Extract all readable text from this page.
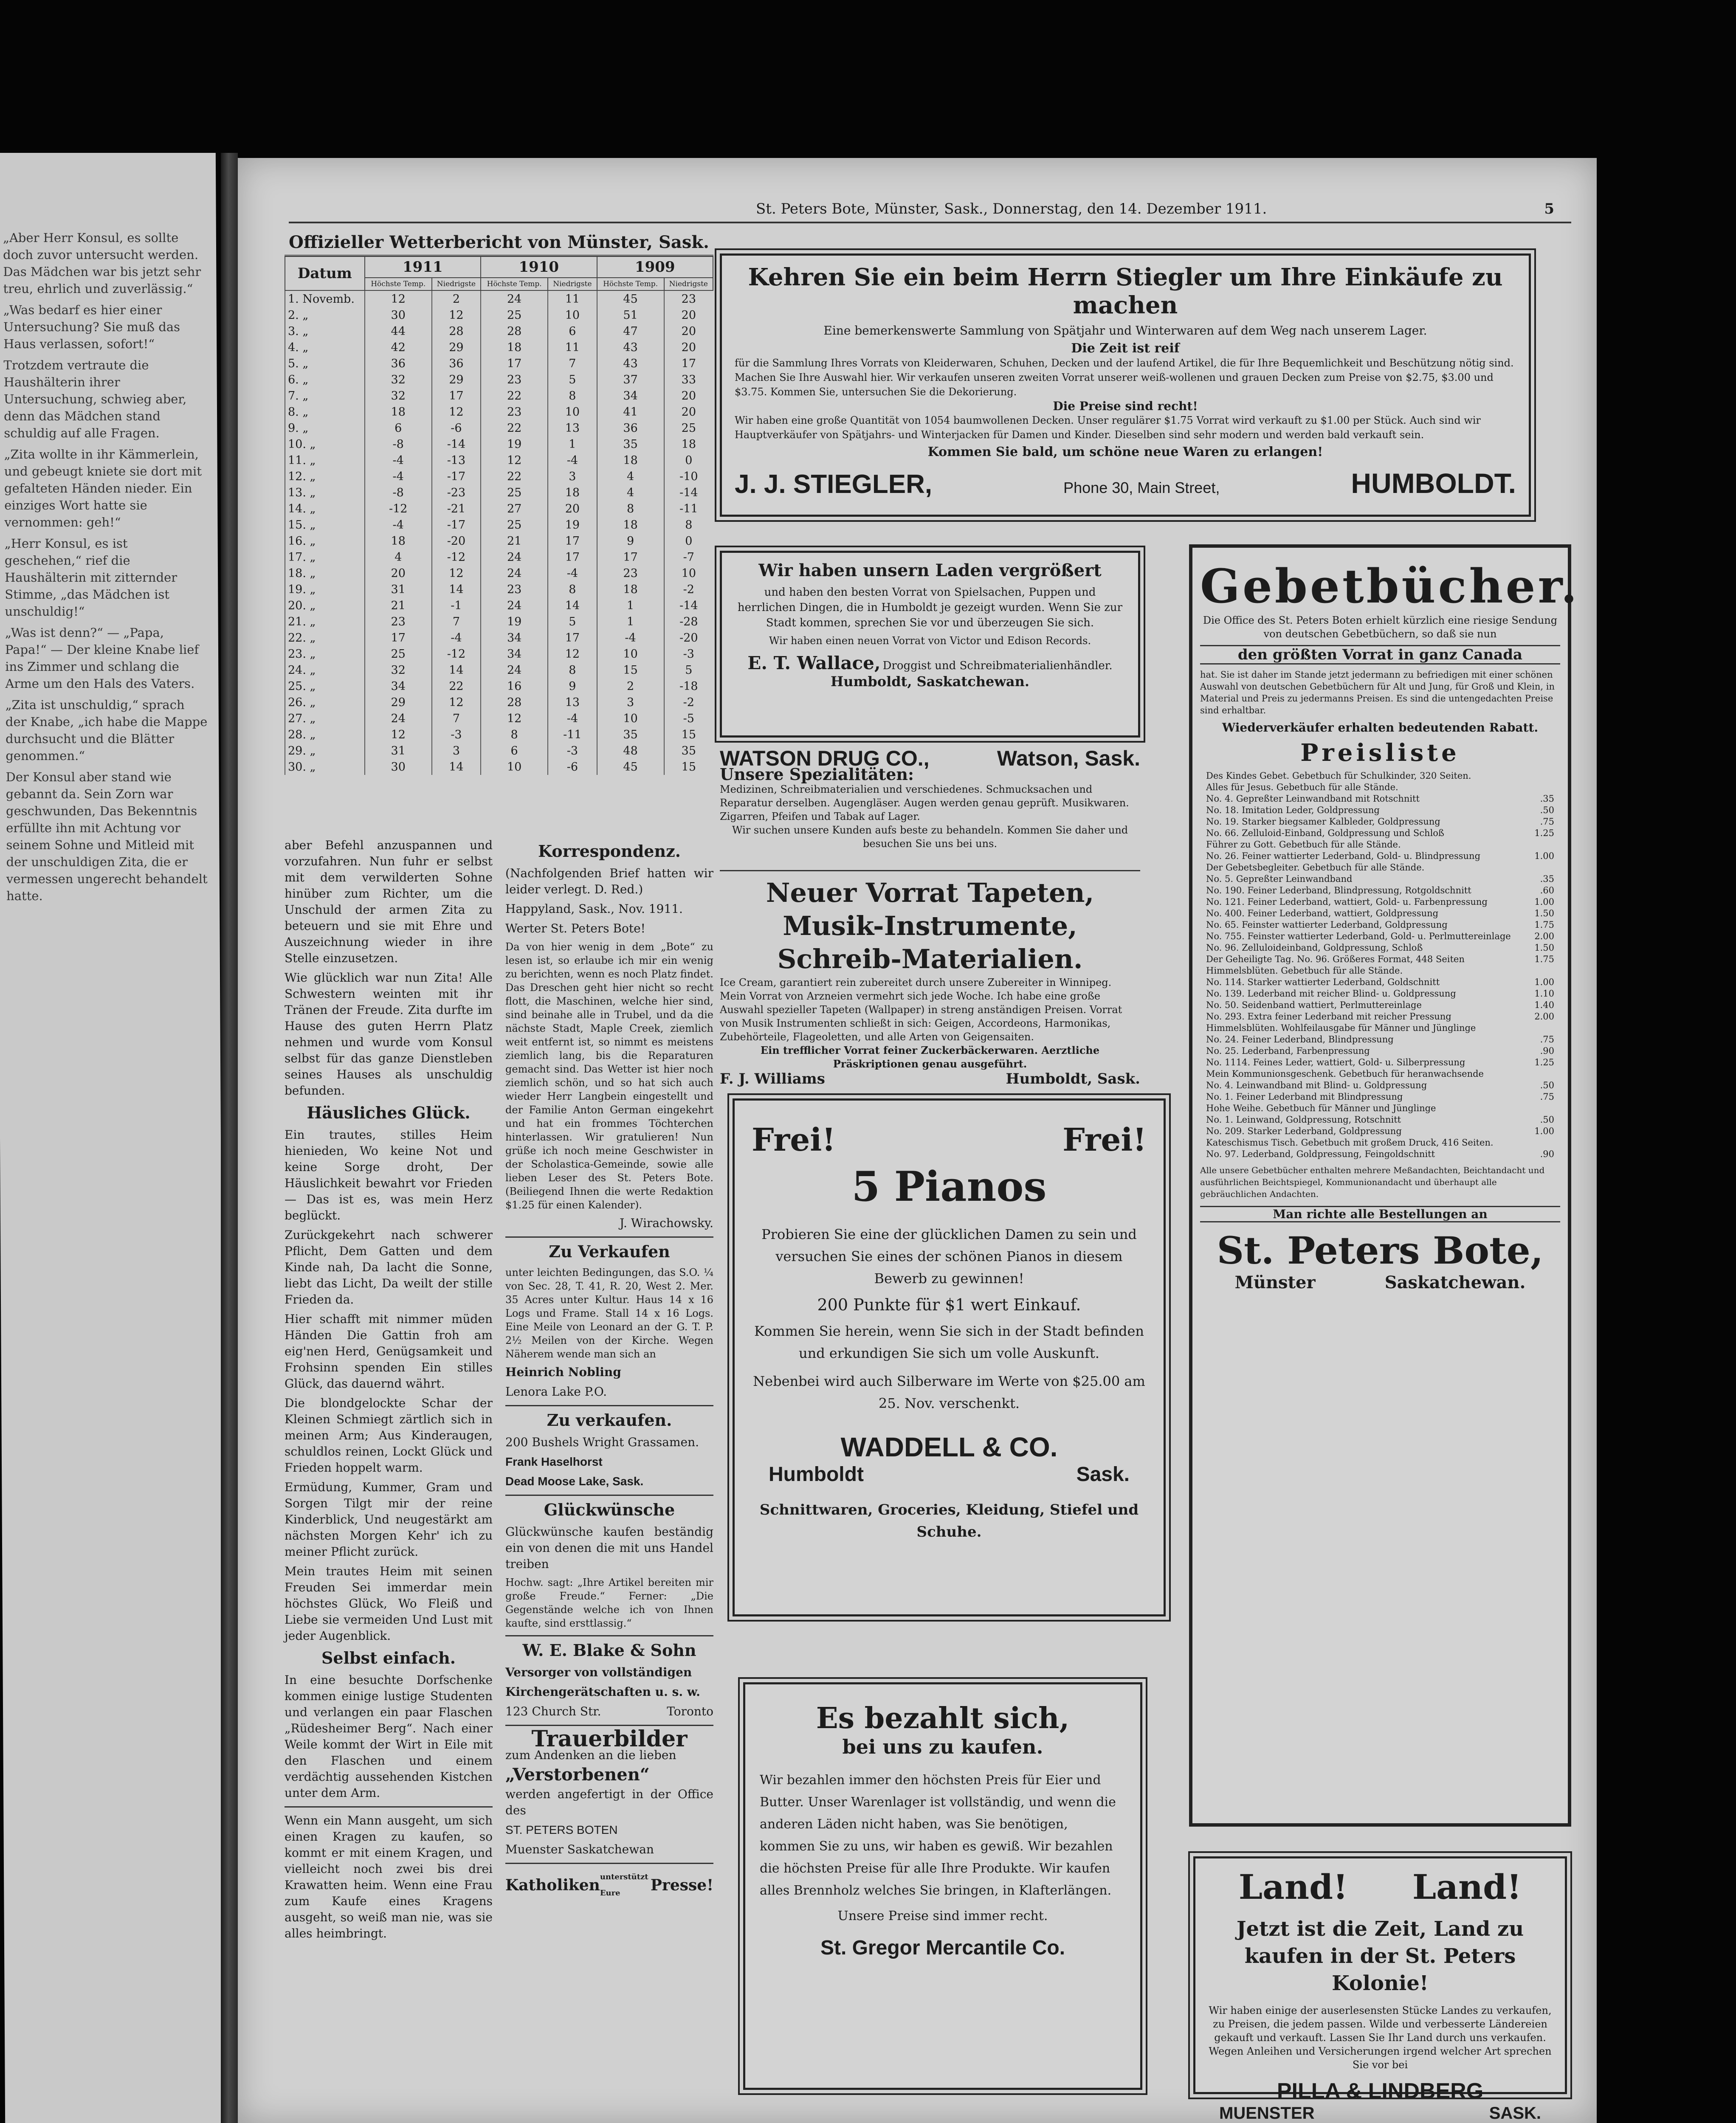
„Aber Herr Konsul, es sollte doch zuvor untersucht werden. Das Mädchen war bis jetzt sehr treu, ehrlich und zuverlässig.“

„Was bedarf es hier einer Untersuchung? Sie muß das Haus verlassen, sofort!“

Trotzdem vertraute die Haushälterin ihrer Untersuchung, schwieg aber, denn das Mädchen stand schuldig auf alle Fragen.

„Zita wollte in ihr Kämmerlein, und gebeugt kniete sie dort mit gefalteten Händen nieder. Ein einziges Wort hatte sie vernommen: geh!“

„Herr Konsul, es ist geschehen,“ rief die Haushälterin mit zitternder Stimme, „das Mädchen ist unschuldig!“

„Was ist denn?“ — „Papa, Papa!“ — Der kleine Knabe lief ins Zimmer und schlang die Arme um den Hals des Vaters.

„Zita ist unschuldig,“ sprach der Knabe, „ich habe die Mappe durchsucht und die Blätter genommen.“

Der Konsul aber stand wie gebannt da. Sein Zorn war geschwunden, Das Bekenntnis erfüllte ihn mit Achtung vor seinem Sohne und Mitleid mit der unschuldigen Zita, die er vermessen ungerecht behandelt hatte.

St. Peters Bote, Münster, Sask., Donnerstag, den 14. Dezember 1911.	5
Offizieller Wetterbericht von Münster, Sask.
Datum	1911		1910		1909	
	Höchste Temp.	Niedrigste	Höchste Temp.	Niedrigste	Höchste Temp.	Niedrigste
1. Novemb.	12	2	24	11	45	23
2. „	30	12	25	10	51	20
3. „	44	28	28	6	47	20
4. „	42	29	18	11	43	20
5. „	36	36	17	7	43	17
6. „	32	29	23	5	37	33
7. „	32	17	22	8	34	20
8. „	18	12	23	10	41	20
9. „	6	-6	22	13	36	25
10. „	-8	-14	19	1	35	18
11. „	-4	-13	12	-4	18	0
12. „	-4	-17	22	3	4	-10
13. „	-8	-23	25	18	4	-14
14. „	-12	-21	27	20	8	-11
15. „	-4	-17	25	19	18	8
16. „	18	-20	21	17	9	0
17. „	4	-12	24	17	17	-7
18. „	20	12	24	-4	23	10
19. „	31	14	23	8	18	-2
20. „	21	-1	24	14	1	-14
21. „	23	7	19	5	1	-28
22. „	17	-4	34	17	-4	-20
23. „	25	-12	34	12	10	-3
24. „	32	14	24	8	15	5
25. „	34	22	16	9	2	-18
26. „	29	12	28	13	3	-2
27. „	24	7	12	-4	10	-5
28. „	12	-3	8	-11	35	15
29. „	31	3	6	-3	48	35
30. „	30	14	10	-6	45	15

aber Befehl anzuspannen und vorzufahren. Nun fuhr er selbst mit dem verwilderten Sohne hinüber zum Richter, um die Unschuld der armen Zita zu beteuern und sie mit Ehre und Auszeichnung wieder in ihre Stelle einzusetzen.

Wie glücklich war nun Zita! Alle Schwestern weinten mit ihr Tränen der Freude. Zita durfte im Hause des guten Herrn Platz nehmen und wurde vom Konsul selbst für das ganze Dienstleben seines Hauses als unschuldig befunden.

Häusliches Glück.

Ein trautes, stilles Heim hienieden, Wo keine Not und keine Sorge droht, Der Häuslichkeit bewahrt vor Frieden — Das ist es, was mein Herz beglückt.

Zurückgekehrt nach schwerer Pflicht, Dem Gatten und dem Kinde nah, Da lacht die Sonne, liebt das Licht, Da weilt der stille Frieden da.

Hier schafft mit nimmer müden Händen Die Gattin froh am eig'nen Herd, Genügsamkeit und Frohsinn spenden Ein stilles Glück, das dauernd währt.

Die blondgelockte Schar der Kleinen Schmiegt zärtlich sich in meinen Arm; Aus Kinderaugen, schuldlos reinen, Lockt Glück und Frieden hoppelt warm.

Ermüdung, Kummer, Gram und Sorgen Tilgt mir der reine Kinderblick, Und neugestärkt am nächsten Morgen Kehr' ich zu meiner Pflicht zurück.

Mein trautes Heim mit seinen Freuden Sei immerdar mein höchstes Glück, Wo Fleiß und Liebe sie vermeiden Und Lust mit jeder Augenblick.

Selbst einfach.

In eine besuchte Dorfschenke kommen einige lustige Studenten und verlangen ein paar Flaschen „Rüdesheimer Berg“. Nach einer Weile kommt der Wirt in Eile mit den Flaschen und einem verdächtig aussehenden Kistchen unter dem Arm.

Wenn ein Mann ausgeht, um sich einen Kragen zu kaufen, so kommt er mit einem Kragen, und vielleicht noch zwei bis drei Krawatten heim. Wenn eine Frau zum Kaufe eines Kragens ausgeht, so weiß man nie, was sie alles heimbringt.

Korrespondenz.

(Nachfolgenden Brief hatten wir leider verlegt. D. Red.)

Happyland, Sask., Nov. 1911.

Werter St. Peters Bote!

Da von hier wenig in dem „Bote“ zu lesen ist, so erlaube ich mir ein wenig zu berichten, wenn es noch Platz findet. Das Dreschen geht hier nicht so recht flott, die Maschinen, welche hier sind, sind beinahe alle in Trubel, und da die nächste Stadt, Maple Creek, ziemlich weit entfernt ist, so nimmt es meistens ziemlich lang, bis die Reparaturen gemacht sind. Das Wetter ist hier noch ziemlich schön, und so hat sich auch wieder Herr Langbein eingestellt und der Familie Anton German eingekehrt und hat ein frommes Töchterchen hinterlassen. Wir gratulieren! Nun grüße ich noch meine Geschwister in der Scholastica-Gemeinde, sowie alle lieben Leser des St. Peters Bote. (Beiliegend Ihnen die werte Redaktion $1.25 für einen Kalender).

J. Wirachowsky.

Zu Verkaufen

unter leichten Bedingungen, das S.O. ¼ von Sec. 28, T. 41, R. 20, West 2. Mer. 35 Acres unter Kultur. Haus 14 x 16 Logs und Frame. Stall 14 x 16 Logs. Eine Meile von Leonard an der G. T. P. 2½ Meilen von der Kirche. Wegen Näherem wende man sich an

Heinrich Nobling

Lenora Lake P.O.

Zu verkaufen.

200 Bushels Wright Grassamen.

Frank Haselhorst

Dead Moose Lake, Sask.

Glückwünsche

Glückwünsche kaufen beständig ein von denen die mit uns Handel treiben

Hochw. sagt: „Ihre Artikel bereiten mir große Freude.“ Ferner: „Die Gegenstände welche ich von Ihnen kaufte, sind ersttlassig.“

W. E. Blake & Sohn

Versorger von vollständigen

Kirchengerätschaften u. s. w.

123 Church Str.	Toronto

Trauerbilder

zum Andenken an die lieben

„Verstorbenen“

werden angefertigt in der Office des

ST. PETERS BOTEN

Muenster Saskatchewan

Katholiken unterstützt Eure	Presse!

Kehren Sie ein beim Herrn Stiegler um Ihre Einkäufe zu machen
Eine bemerkenswerte Sammlung von Spätjahr und Winterwaren auf dem Weg nach unserem Lager.
Die Zeit ist reif
für die Sammlung Ihres Vorrats von Kleiderwaren, Schuhen, Decken und der laufend Artikel, die für Ihre Bequemlichkeit und Beschützung nötig sind. Machen Sie Ihre Auswahl hier. Wir verkaufen unseren zweiten Vorrat unserer weiß-wollenen und grauen Decken zum Preise von $2.75, $3.00 und $3.75. Kommen Sie, untersuchen Sie die Dekorierung.
Die Preise sind recht!
Wir haben eine große Quantität von 1054 baumwollenen Decken. Unser regulärer $1.75 Vorrat wird verkauft zu $1.00 per Stück. Auch sind wir Hauptverkäufer von Spätjahrs- und Winterjacken für Damen und Kinder. Dieselben sind sehr modern und werden bald verkauft sein.
Kommen Sie bald, um schöne neue Waren zu erlangen!
J. J. STIEGLER,	Phone 30, Main Street,	HUMBOLDT.
Wir haben unsern Laden vergrößert
und haben den besten Vorrat von Spielsachen, Puppen und herrlichen Dingen, die in Humboldt je gezeigt wurden. Wenn Sie zur Stadt kommen, sprechen Sie vor und überzeugen Sie sich.
Wir haben einen neuen Vorrat von Victor und Edison Records.
E. T. Wallace, Droggist und Schreibmaterialienhändler.
Humboldt, Saskatchewan.
WATSON DRUG CO.,	Watson, Sask.
Unsere Spezialitäten:
Medizinen, Schreibmaterialien und verschiedenes. Schmucksachen und Reparatur derselben. Augengläser. Augen werden genau geprüft. Musikwaren. Zigarren, Pfeifen und Tabak auf Lager.
Wir suchen unsere Kunden aufs beste zu behandeln. Kommen Sie daher und besuchen Sie uns bei uns.
Neuer Vorrat Tapeten, Musik-Instrumente, Schreib-Materialien.
Ice Cream, garantiert rein zubereitet durch unsere Zubereiter in Winnipeg. Mein Vorrat von Arzneien vermehrt sich jede Woche. Ich habe eine große Auswahl spezieller Tapeten (Wallpaper) in streng anständigen Preisen. Vorrat von Musik Instrumenten schließt in sich: Geigen, Accordeons, Harmonikas, Zubehörteile, Flageoletten, und alle Arten von Geigensaiten.
Ein trefflicher Vorrat feiner Zuckerbäckerwaren. Aerztliche Präskriptionen genau ausgeführt.
F. J. Williams	Humboldt, Sask.
Frei!	Frei!
5 Pianos
Probieren Sie eine der glücklichen Damen zu sein und versuchen Sie eines der schönen Pianos in diesem Bewerb zu gewinnen!
200 Punkte für $1 wert Einkauf.
Kommen Sie herein, wenn Sie sich in der Stadt befinden und erkundigen Sie sich um volle Auskunft.
Nebenbei wird auch Silberware im Werte von $25.00 am 25. Nov. verschenkt.
WADDELL & CO.
Humboldt	Sask.
Schnittwaren, Groceries, Kleidung, Stiefel und Schuhe.
Es bezahlt sich,
bei uns zu kaufen.
Wir bezahlen immer den höchsten Preis für Eier und Butter. Unser Warenlager ist vollständig, und wenn die anderen Läden nicht haben, was Sie benötigen, kommen Sie zu uns, wir haben es gewiß. Wir bezahlen die höchsten Preise für alle Ihre Produkte. Wir kaufen alles Brennholz welches Sie bringen, in Klafterlängen.
Unsere Preise sind immer recht.
St. Gregor Mercantile Co.
Gebetbücher.
Die Office des St. Peters Boten erhielt kürzlich eine riesige Sendung von deutschen Gebetbüchern, so daß sie nun
den größten Vorrat in ganz Canada
hat. Sie ist daher im Stande jetzt jedermann zu befriedigen mit einer schönen Auswahl von deutschen Gebetbüchern für Alt und Jung, für Groß und Klein, in Material und Preis zu jedermanns Preisen. Es sind die untengedachten Preise sind erhaltbar.
Wiederverkäufer erhalten bedeutenden Rabatt.
Preisliste
Des Kindes Gebet. Gebetbuch für Schulkinder, 320 Seiten.
Alles für Jesus. Gebetbuch für alle Stände.
No. 4. Gepreßter Leinwandband mit Rotschnitt	.35
No. 18. Imitation Leder, Goldpressung	.50
No. 19. Starker biegsamer Kalbleder, Goldpressung	.75
No. 66. Zelluloid-Einband, Goldpressung und Schloß	1.25
Führer zu Gott. Gebetbuch für alle Stände.
No. 26. Feiner wattierter Lederband, Gold- u. Blindpressung	1.00
Der Gebetsbegleiter. Gebetbuch für alle Stände.
No. 5. Gepreßter Leinwandband	.35
No. 190. Feiner Lederband, Blindpressung, Rotgoldschnitt	.60
No. 121. Feiner Lederband, wattiert, Gold- u. Farbenpressung	1.00
No. 400. Feiner Lederband, wattiert, Goldpressung	1.50
No. 65. Feinster wattierter Lederband, Goldpressung	1.75
No. 755. Feinster wattierter Lederband, Gold- u. Perlmuttereinlage	2.00
No. 96. Zelluloideinband, Goldpressung, Schloß	1.50
Der Geheiligte Tag. No. 96. Größeres Format, 448 Seiten	1.75
Himmelsblüten. Gebetbuch für alle Stände.
No. 114. Starker wattierter Lederband, Goldschnitt	1.00
No. 139. Lederband mit reicher Blind- u. Goldpressung	1.10
No. 50. Seidenband wattiert, Perlmuttereinlage	1.40
No. 293. Extra feiner Lederband mit reicher Pressung	2.00
Himmelsblüten. Wohlfeilausgabe für Männer und Jünglinge
No. 24. Feiner Lederband, Blindpressung	.75
No. 25. Lederband, Farbenpressung	.90
No. 1114. Feines Leder, wattiert, Gold- u. Silberpressung	1.25
Mein Kommunionsgeschenk. Gebetbuch für heranwachsende
No. 4. Leinwandband mit Blind- u. Goldpressung	.50
No. 1. Feiner Lederband mit Blindpressung	.75
Hohe Weihe. Gebetbuch für Männer und Jünglinge
No. 1. Leinwand, Goldpressung, Rotschnitt	.50
No. 209. Starker Lederband, Goldpressung	1.00
Kateschismus Tisch. Gebetbuch mit großem Druck, 416 Seiten.
No. 97. Lederband, Goldpressung, Feingoldschnitt	.90
Alle unsere Gebetbücher enthalten mehrere Meßandachten, Beichtandacht und ausführlichen Beichtspiegel, Kommunionandacht und überhaupt alle gebräuchlichen Andachten.
Man richte alle Bestellungen an
St. Peters Bote,
Münster	Saskatchewan.
Land! Land!
Jetzt ist die Zeit, Land zu kaufen in der St. Peters Kolonie!
Wir haben einige der auserlesensten Stücke Landes zu verkaufen, zu Preisen, die jedem passen. Wilde und verbesserte Ländereien gekauft und verkauft. Lassen Sie Ihr Land durch uns verkaufen. Wegen Anleihen und Versicherungen irgend welcher Art sprechen Sie vor bei
PILLA & LINDBERG
MUENSTER	SASK.
